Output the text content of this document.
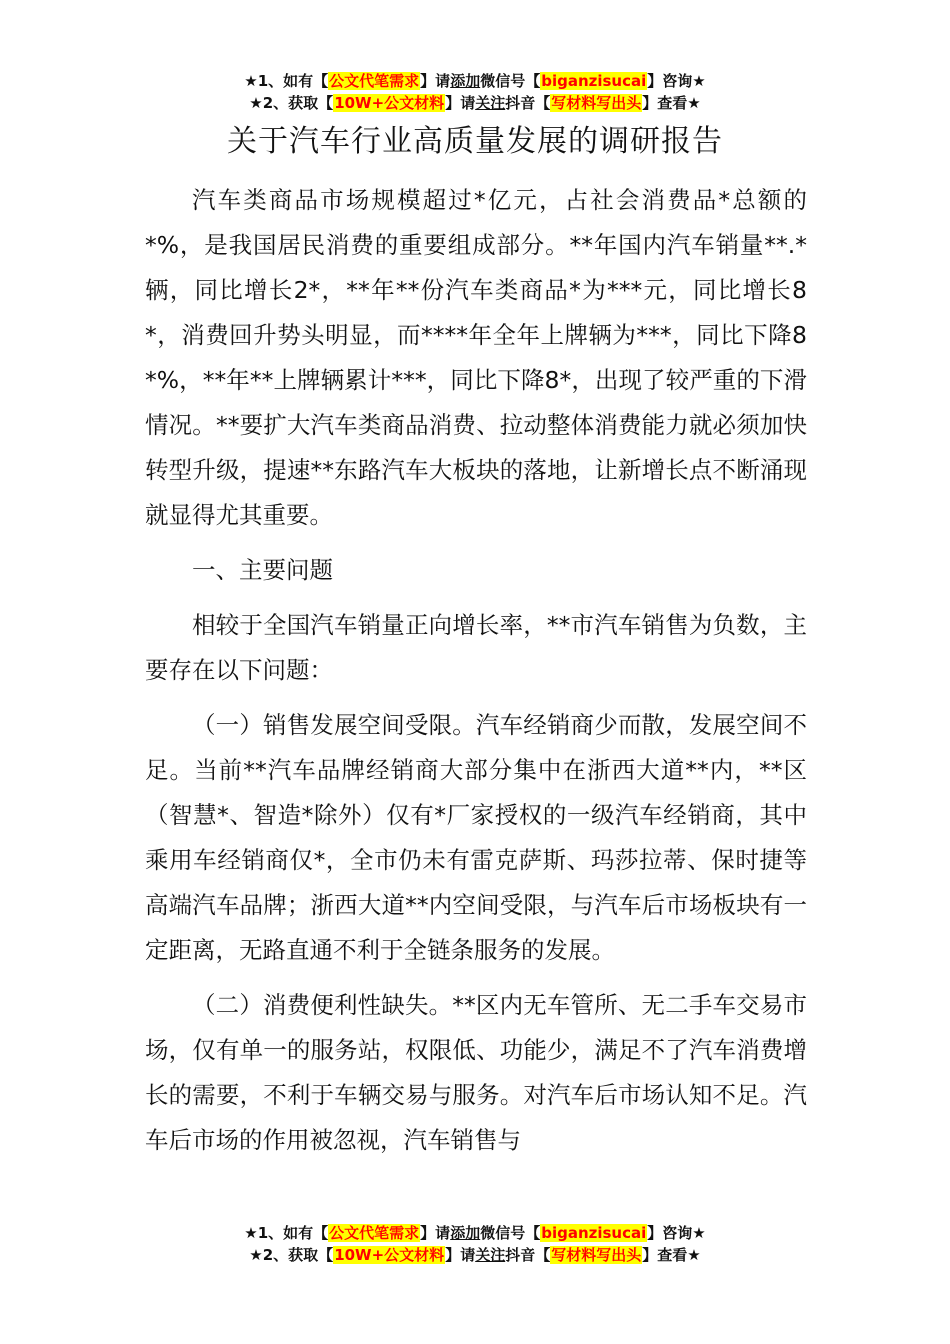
★1、如有【公文代笔需求】请添加微信号【biganzisucai】咨询★
★2、获取【10W+公文材料】请关注抖音【写材料写出头】查看★
关于汽车行业高质量发展的调研报告

汽车类商品市场规模超过*亿元，占社会消费品*总额的*%，是我国居民消费的重要组成部分。**年国内汽车销量**.*辆，同比增长2*，**年**份汽车类商品*为***元，同比增长8*，消费回升势头明显，而****年全年上牌辆为***，同比下降8*%，**年**上牌辆累计***，同比下降8*，出现了较严重的下滑情况。**要扩大汽车类商品消费、拉动整体消费能力就必须加快转型升级，提速**东路汽车大板块的落地，让新增长点不断涌现就显得尤其重要。

一、主要问题

相较于全国汽车销量正向增长率，**市汽车销售为负数，主要存在以下问题：

（一）销售发展空间受限。汽车经销商少而散，发展空间不足。当前**汽车品牌经销商大部分集中在浙西大道**内，**区（智慧*、智造*除外）仅有*厂家授权的一级汽车经销商，其中乘用车经销商仅*，全市仍未有雷克萨斯、玛莎拉蒂、保时捷等高端汽车品牌；浙西大道**内空间受限，与汽车后市场板块有一定距离，无路直通不利于全链条服务的发展。

（二）消费便利性缺失。**区内无车管所、无二手车交易市场，仅有单一的服务站，权限低、功能少，满足不了汽车消费增长的需要，不利于车辆交易与服务。对汽车后市场认知不足。汽车后市场的作用被忽视，汽车销售与

★1、如有【公文代笔需求】请添加微信号【biganzisucai】咨询★
★2、获取【10W+公文材料】请关注抖音【写材料写出头】查看★
